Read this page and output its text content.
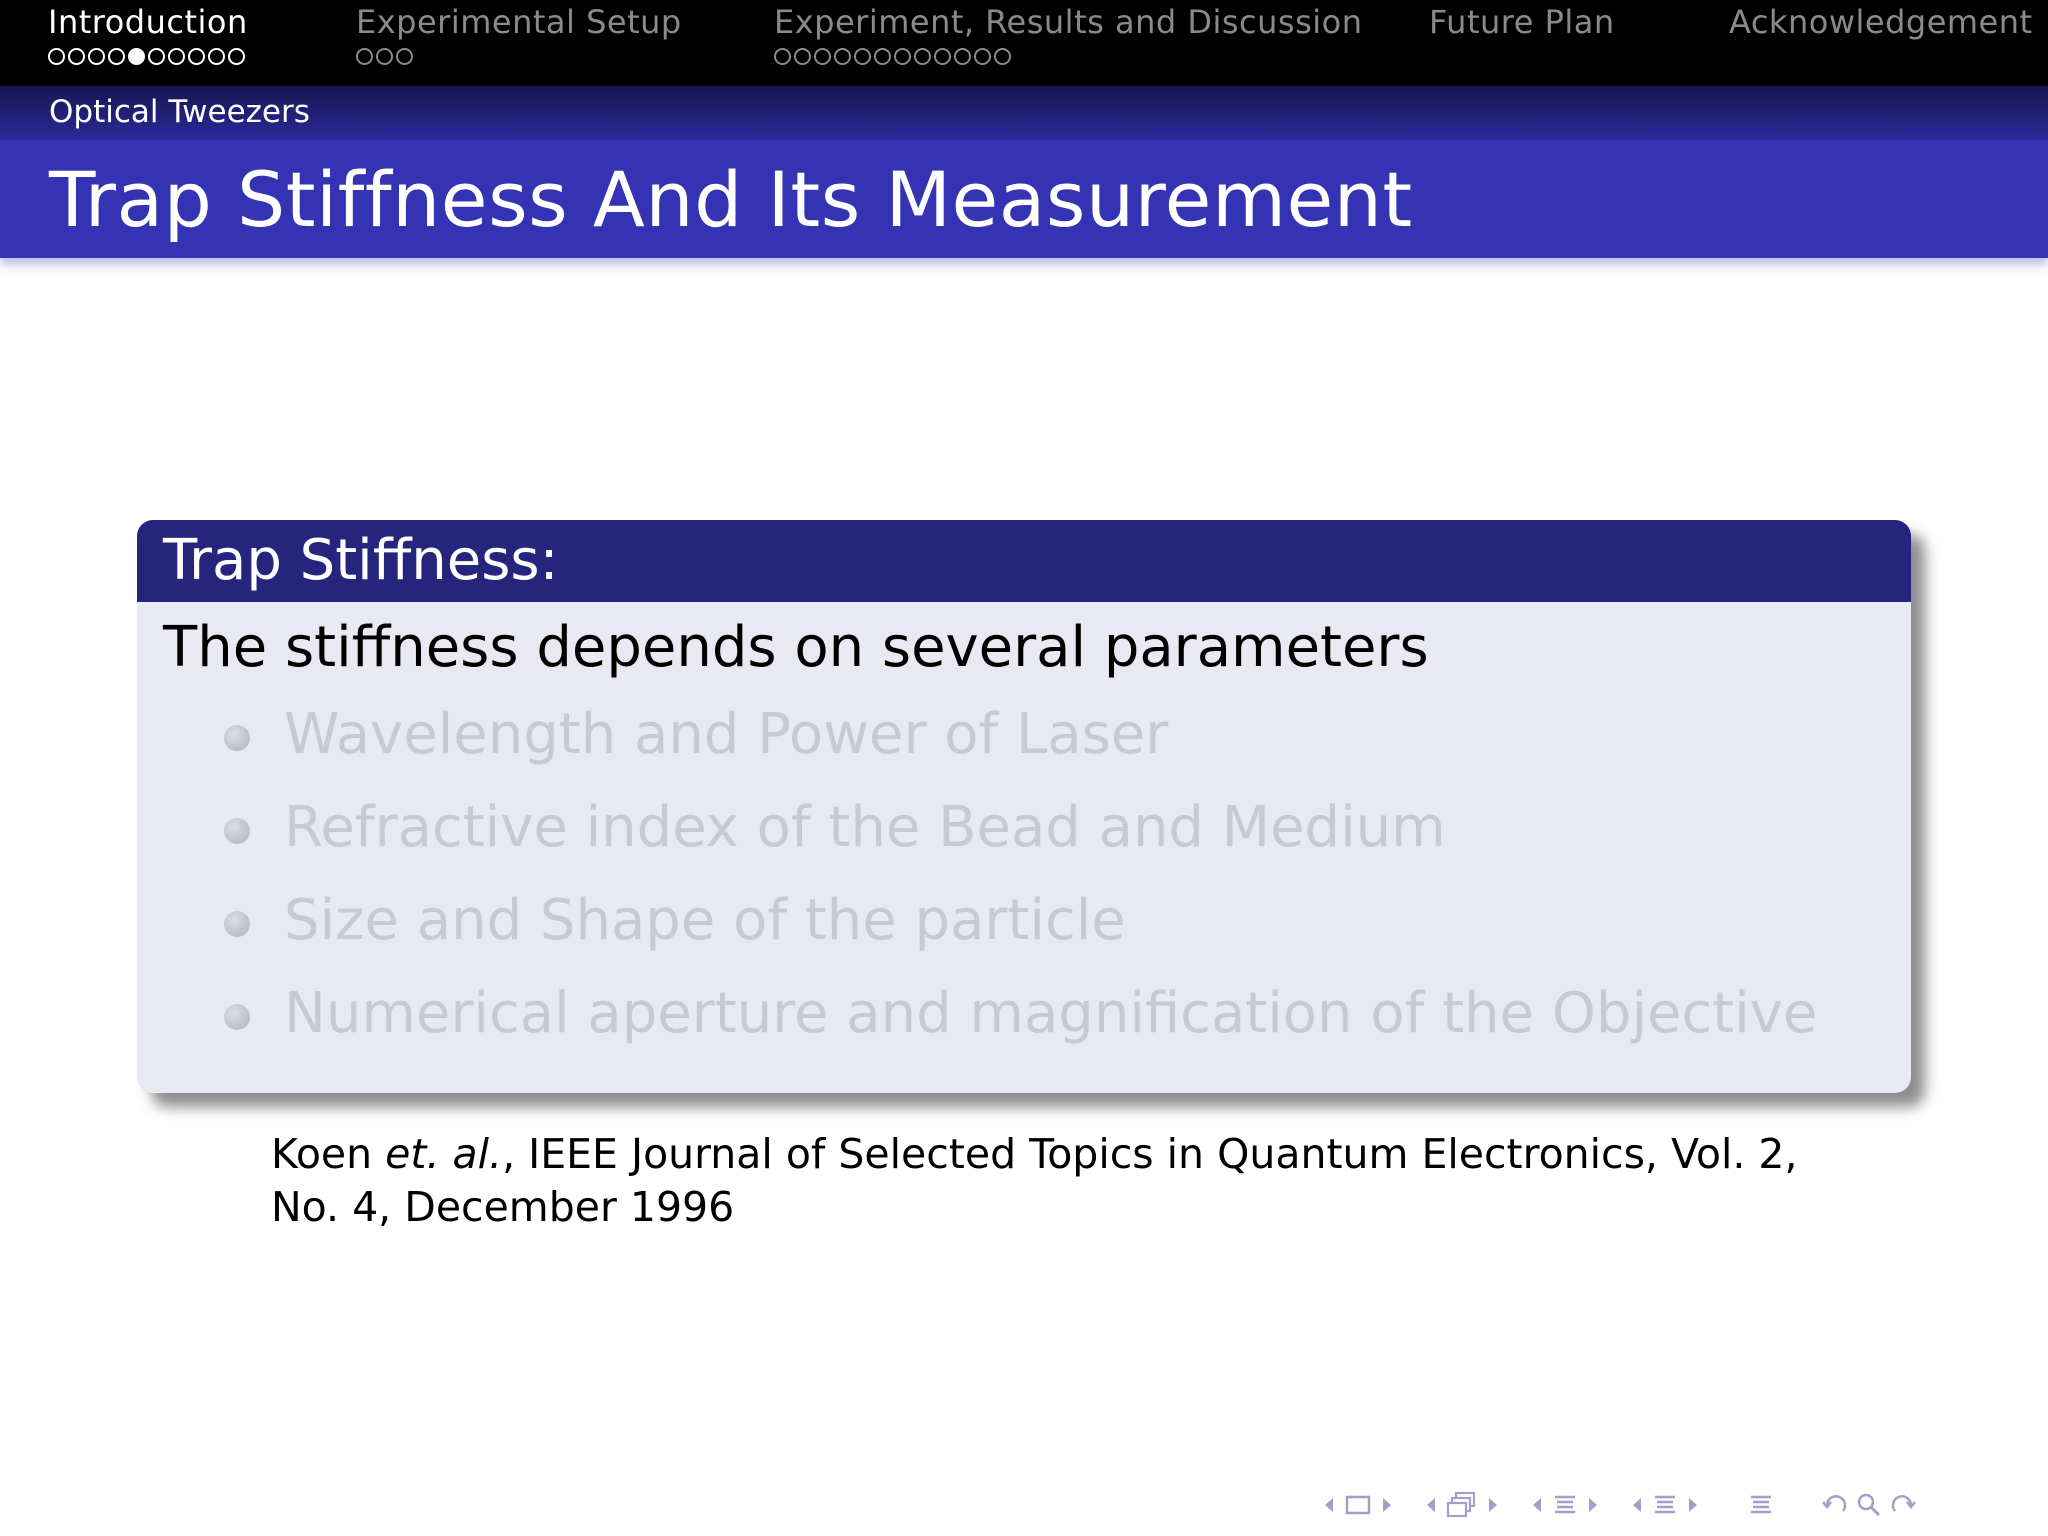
Introduction	Experimental Setup	Experiment, Results and Discussion Future Plan	Acknowledgement
Optical Tweezers
Trap Stiffness And Its Measurement
Trap Stiffness:
The stiffness depends on several parameters
Wavelength and Power of Laser
Refractive index of the Bead and Medium
Size and Shape of the particle
Numerical aperture and magnification of the Objective
Koen et. al., IEEE Journal of Selected Topics in Quantum Electronics, Vol. 2,
No. 4, December 1996
